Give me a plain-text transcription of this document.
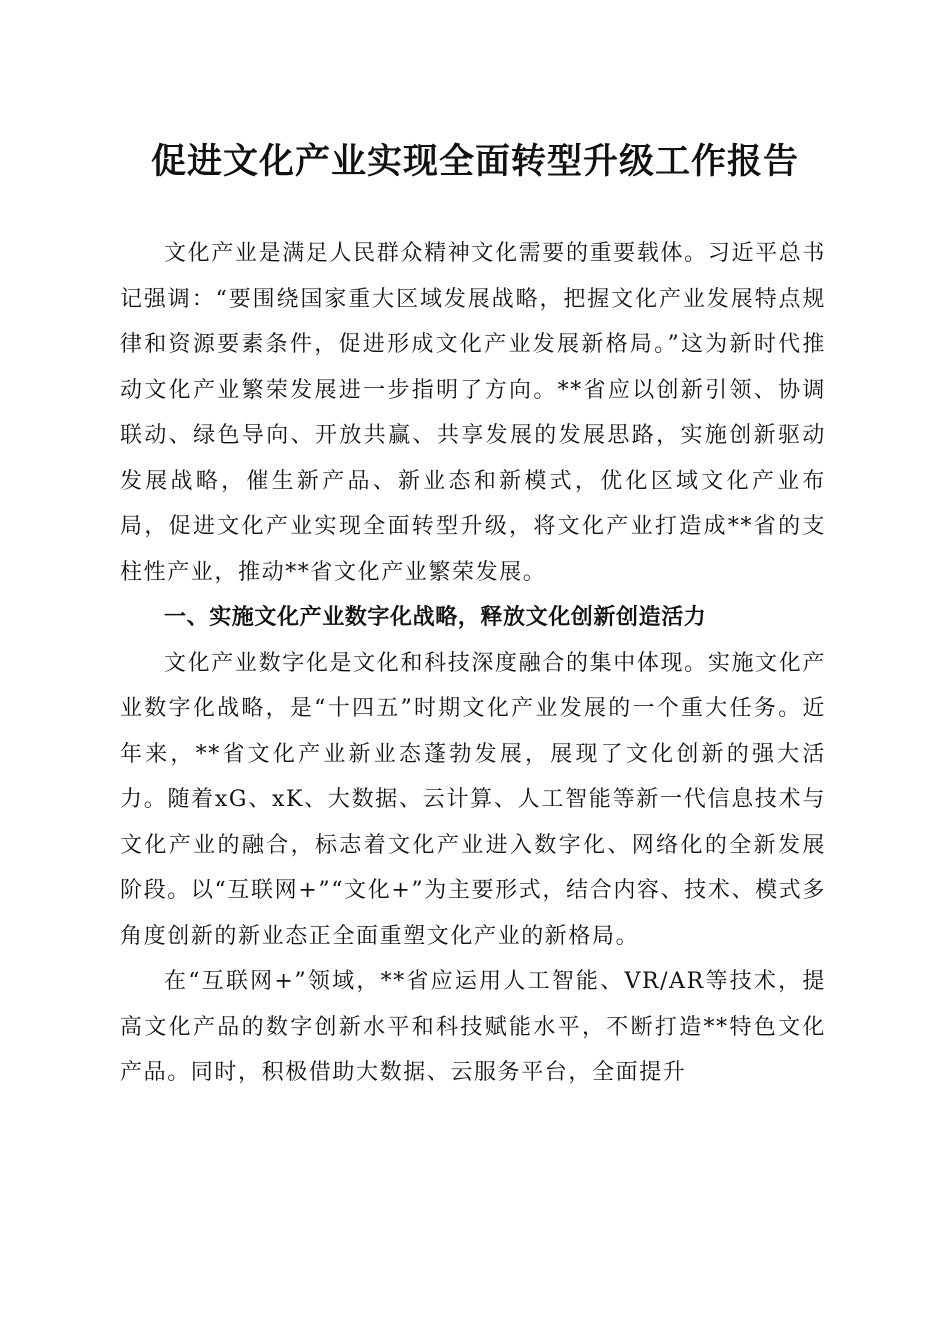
促进文化产业实现全面转型升级工作报告

文化产业是满足人民群众精神文化需要的重要载体。习近平总书记强调：“要围绕国家重大区域发展战略，把握文化产业发展特点规律和资源要素条件，促进形成文化产业发展新格局。”这为新时代推动文化产业繁荣发展进一步指明了方向。**省应以创新引领、协调联动、绿色导向、开放共赢、共享发展的发展思路，实施创新驱动发展战略，催生新产品、新业态和新模式，优化区域文化产业布局，促进文化产业实现全面转型升级，将文化产业打造成**省的支柱性产业，推动**省文化产业繁荣发展。

一、实施文化产业数字化战略，释放文化创新创造活力

文化产业数字化是文化和科技深度融合的集中体现。实施文化产业数字化战略，是“十四五”时期文化产业发展的一个重大任务。近年来，**省文化产业新业态蓬勃发展，展现了文化创新的强大活力。随着xG、xK、大数据、云计算、人工智能等新一代信息技术与文化产业的融合，标志着文化产业进入数字化、网络化的全新发展阶段。以“互联网+”“文化+”为主要形式，结合内容、技术、模式多角度创新的新业态正全面重塑文化产业的新格局。

在“互联网+”领域，**省应运用人工智能、VR/AR等技术，提高文化产品的数字创新水平和科技赋能水平，不断打造**特色文化产品。同时，积极借助大数据、云服务平台，全面提升
